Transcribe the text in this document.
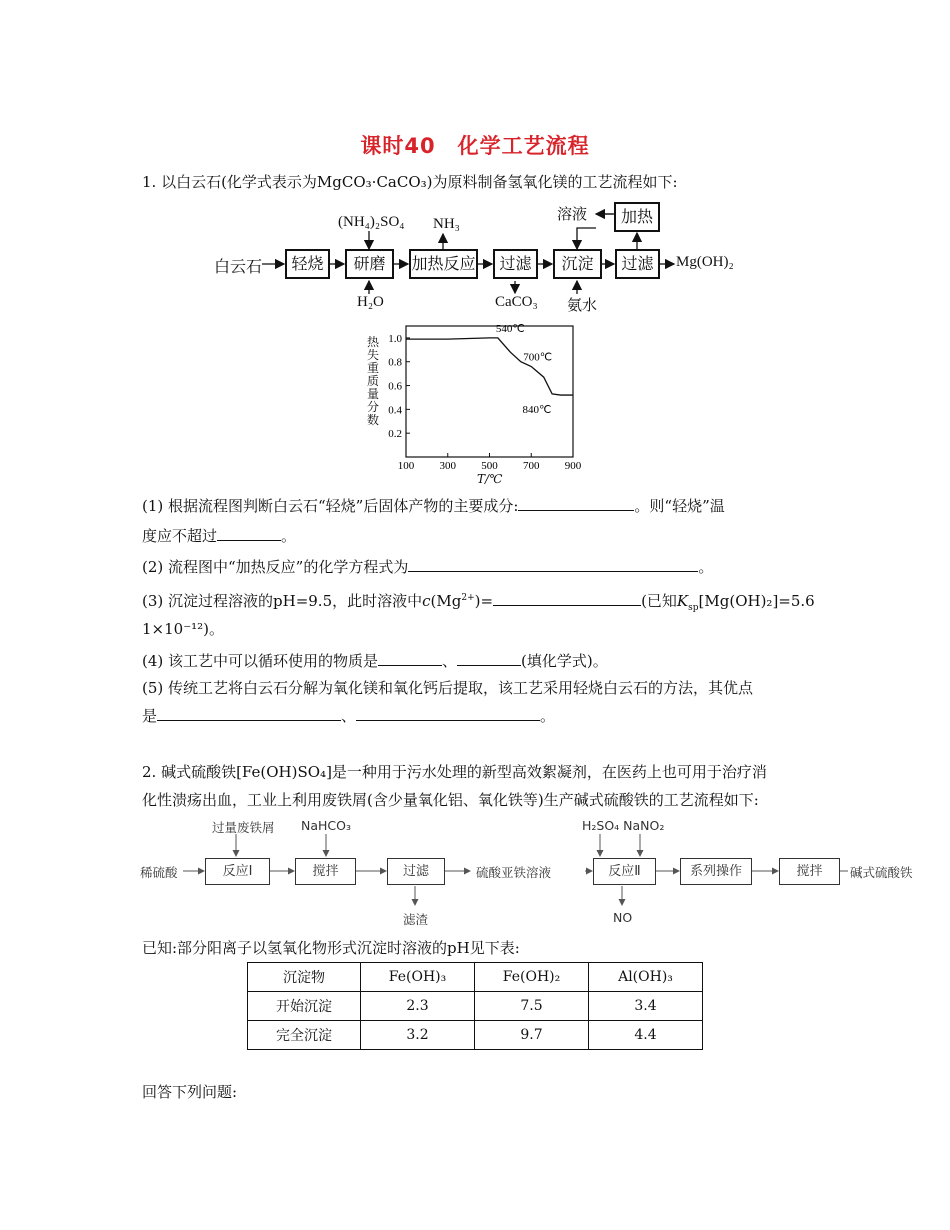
课时40　化学工艺流程
1. 以白云石(化学式表示为MgCO₃·CaCO₃)为原料制备氢氧化镁的工艺流程如下:
白云石	轻烧	研磨	加热反应	过滤	沉淀	过滤
加热
(NH₄)₂SO₄ NH₃
溶液
H₂O	CaCO₃ 氨水
Mg(OH)₂
100 300 500 700 900
1.0
0.8
0.6
0.4
0.2
540℃
700℃
840℃
热失重质量分数
T/℃
(1) 根据流程图判断白云石“轻烧”后固体产物的主要成分:	。则“轻烧”温
度应不超过	。
(2) 流程图中“加热反应”的化学方程式为	。
(3) 沉淀过程溶液的pH=9.5，此时溶液中$c(Mg^{2+})=$	(已知$K_{sp}[Mg(OH)_2]=5.6$
1×10⁻¹²)。
(4) 该工艺中可以循环使用的物质是	、	(填化学式)。
(5) 传统工艺将白云石分解为氧化镁和氧化钙后提取，该工艺采用轻烧白云石的方法，其优点
是	、	。
2. 碱式硫酸铁[Fe(OH)SO₄]是一种用于污水处理的新型高效絮凝剂，在医药上也可用于治疗消
化性溃疡出血，工业上利用废铁屑(含少量氧化铝、氧化铁等)生产碱式硫酸铁的工艺流程如下:
稀硫酸	反应Ⅰ	搅拌	过滤	硫酸亚铁溶液	反应Ⅱ	系列操作	搅拌	碱式硫酸铁
过量废铁屑 NaHCO₃	H₂SO₄ NaNO₂
滤渣	NO
已知:部分阳离子以氢氧化物形式沉淀时溶液的pH见下表:
沉淀物	Fe(OH)₃	Fe(OH)₂	Al(OH)₃
开始沉淀	2.3	7.5	3.4
完全沉淀	3.2	9.7	4.4
回答下列问题:
